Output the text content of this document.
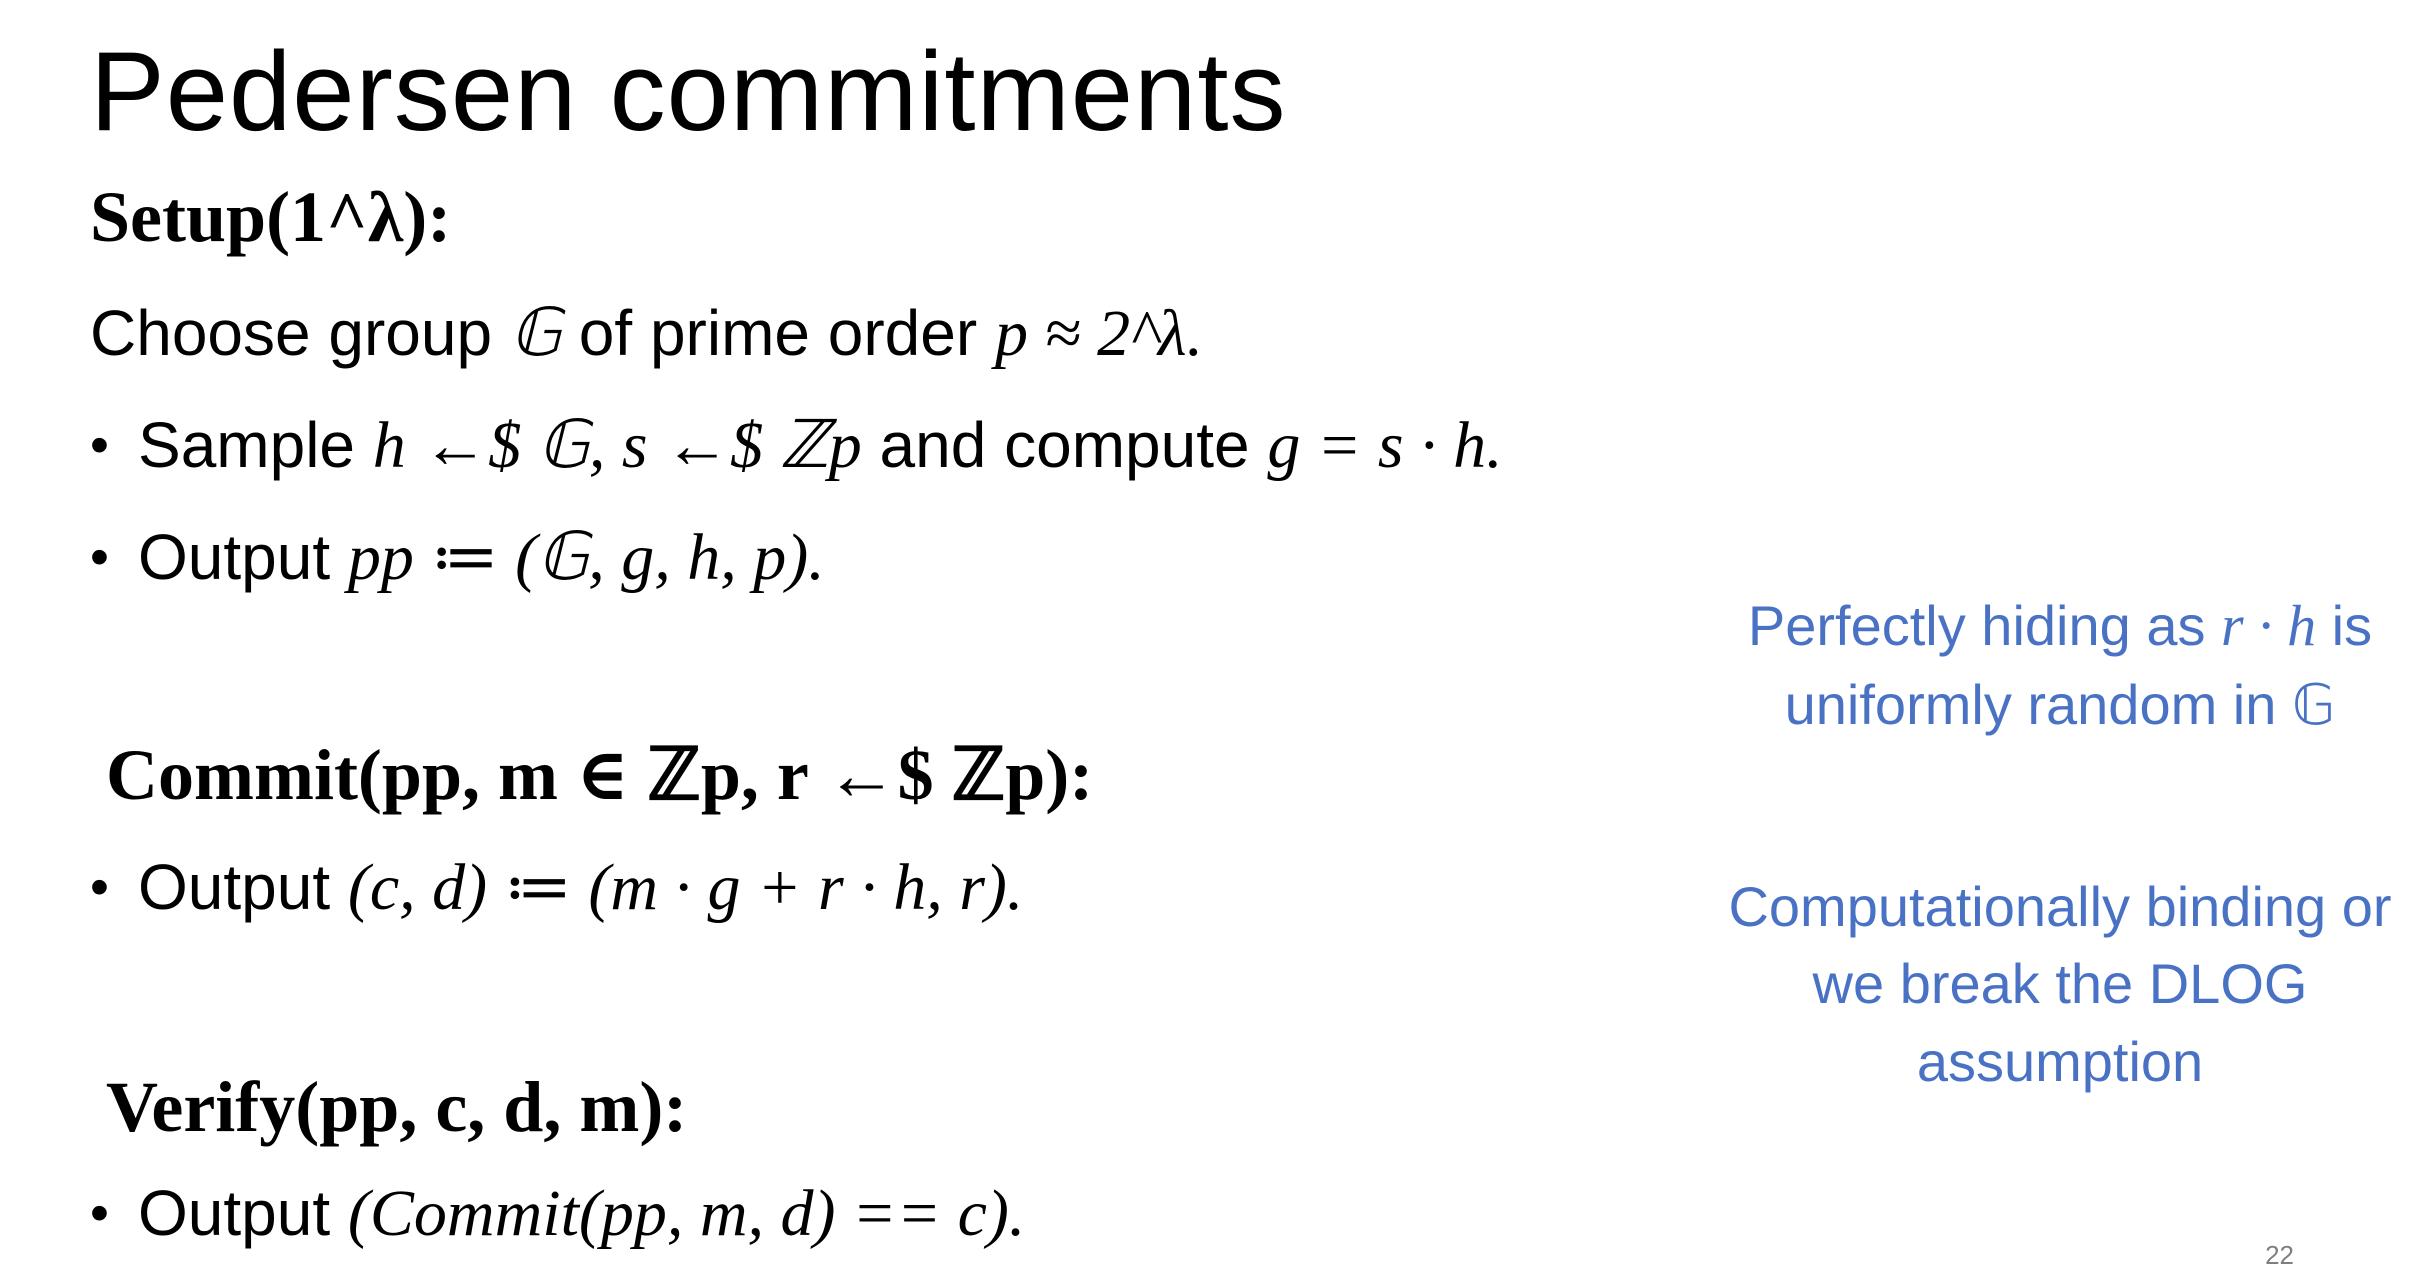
Pedersen commitments
Setup(1^λ):
Choose group 𝔾 of prime order p ≈ 2^λ.
• Sample h ←$ 𝔾, s ←$ ℤp and compute g = s · h.
• Output pp ≔ (𝔾, g, h, p).
Commit(pp, m ∈ ℤp, r ←$ ℤp):
• Output (c, d) ≔ (m · g + r · h, r).
Verify(pp, c, d, m):
• Output (Commit(pp, m, d) == c).
Perfectly hiding as r · h is uniformly random in 𝔾
Computationally binding or we break the DLOG assumption
22
